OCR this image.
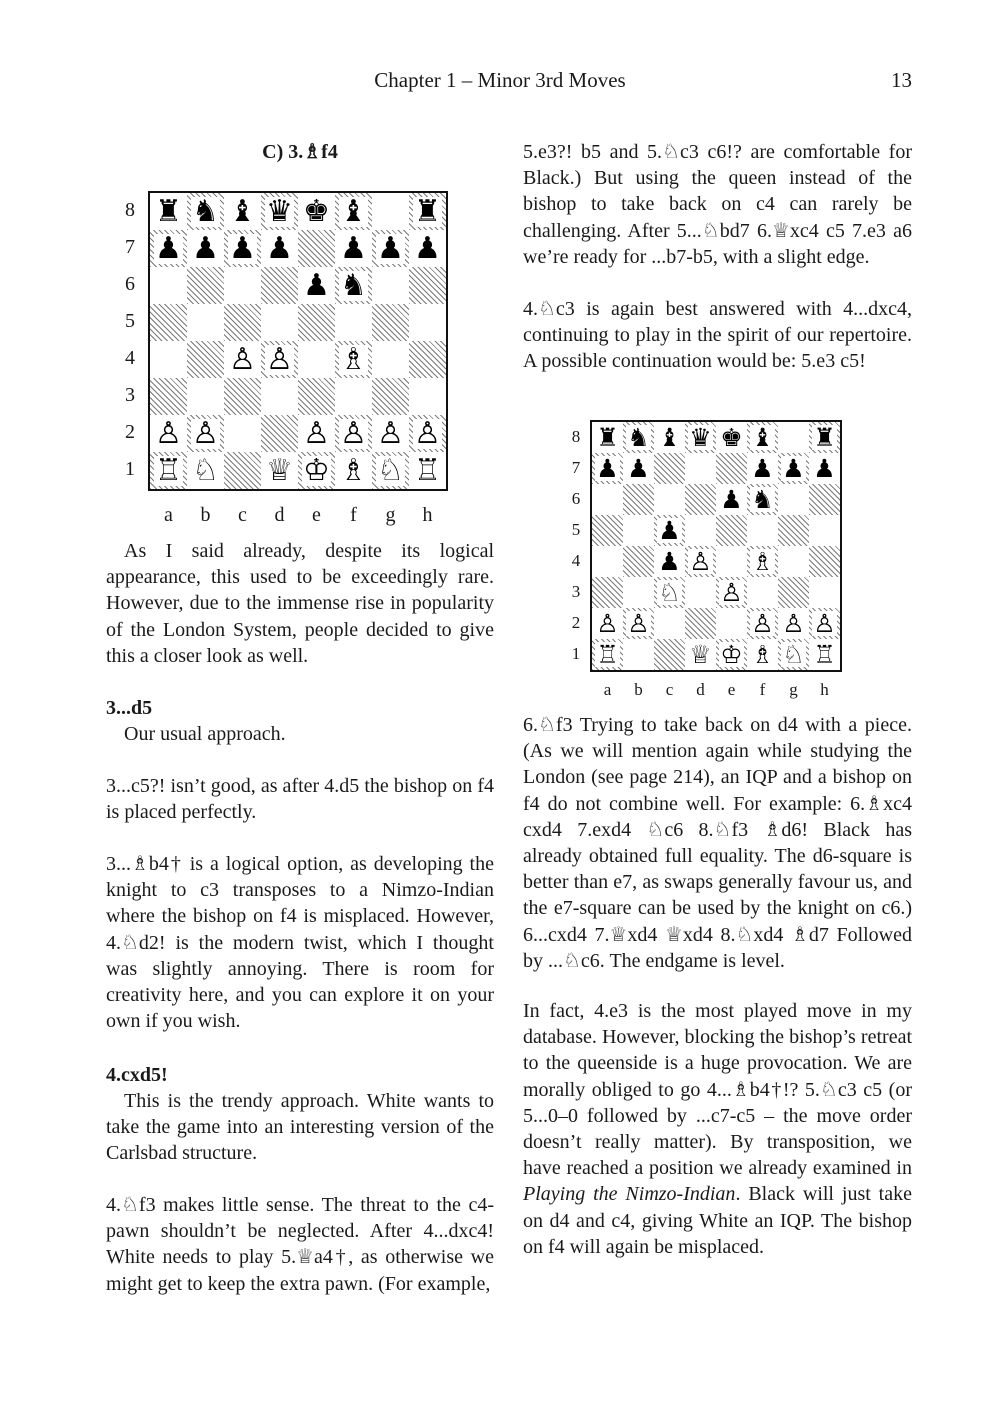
Chapter 1 – Minor 3rd Moves	13
C) 3.♗f4
♜ ♞ ♝ ♛ ♚ ♝ ♜
♟ ♟ ♟ ♟ ♟ ♟ ♟
♟ ♞
♙ ♙ ♗
♙ ♙	♙ ♙ ♙ ♙
♖ ♘ ♕ ♔ ♗ ♘ ♖
8
7
6
5
4
3
2
1
a	b	c	d	e	f	g	h

As I said already, despite its logical appearance, this used to be exceedingly rare. However, due to the immense rise in popularity of the London System, people decided to give this a closer look as well.

3...d5

Our usual approach.

3...c5?! isn’t good, as after 4.d5 the bishop on f4 is placed perfectly.

3...♗b4† is a logical option, as developing the knight to c3 transposes to a Nimzo-Indian where the bishop on f4 is misplaced. However, 4.♘d2! is the modern twist, which I thought was slightly annoying. There is room for creativity here, and you can explore it on your own if you wish.

4.cxd5!

This is the trendy approach. White wants to take the game into an interesting version of the Carlsbad structure.

4.♘f3 makes little sense. The threat to the c4-pawn shouldn’t be neglected. After 4...dxc4! White needs to play 5.♕a4†, as otherwise we might get to keep the extra pawn. (For example,

5.e3?! b5 and 5.♘c3 c6!? are comfortable for Black.) But using the queen instead of the bishop to take back on c4 can rarely be challenging. After 5...♘bd7 6.♕xc4 c5 7.e3 a6 we’re ready for ...b7-b5, with a slight edge.

4.♘c3 is again best answered with 4...dxc4, continuing to play in the spirit of our repertoire. A possible continuation would be: 5.e3 c5!

♜ ♞ ♝ ♛ ♚ ♝ ♜
♟ ♟	♟ ♟ ♟
♟ ♞
♟
♟ ♙ ♗
♘ ♙
♙ ♙	♙ ♙ ♙
♖	♕ ♔ ♗ ♘ ♖
8
7
6
5
4
3
2
1
a	b	c	d	e	f	g	h

6.♘f3 Trying to take back on d4 with a piece. (As we will mention again while studying the London (see page 214), an IQP and a bishop on f4 do not combine well. For example: 6.♗xc4 cxd4 7.exd4 ♘c6 8.♘f3 ♗d6! Black has already obtained full equality. The d6-square is better than e7, as swaps generally favour us, and the e7-square can be used by the knight on c6.) 6...cxd4 7.♕xd4 ♕xd4 8.♘xd4 ♗d7 Followed by ...♘c6. The endgame is level.

In fact, 4.e3 is the most played move in my database. However, blocking the bishop’s retreat to the queenside is a huge provocation. We are morally obliged to go 4...♗b4†!? 5.♘c3 c5 (or 5...0–0 followed by ...c7-c5 – the move order doesn’t really matter). By transposition, we have reached a position we already examined in Playing the Nimzo-Indian. Black will just take on d4 and c4, giving White an IQP. The bishop on f4 will again be misplaced.
